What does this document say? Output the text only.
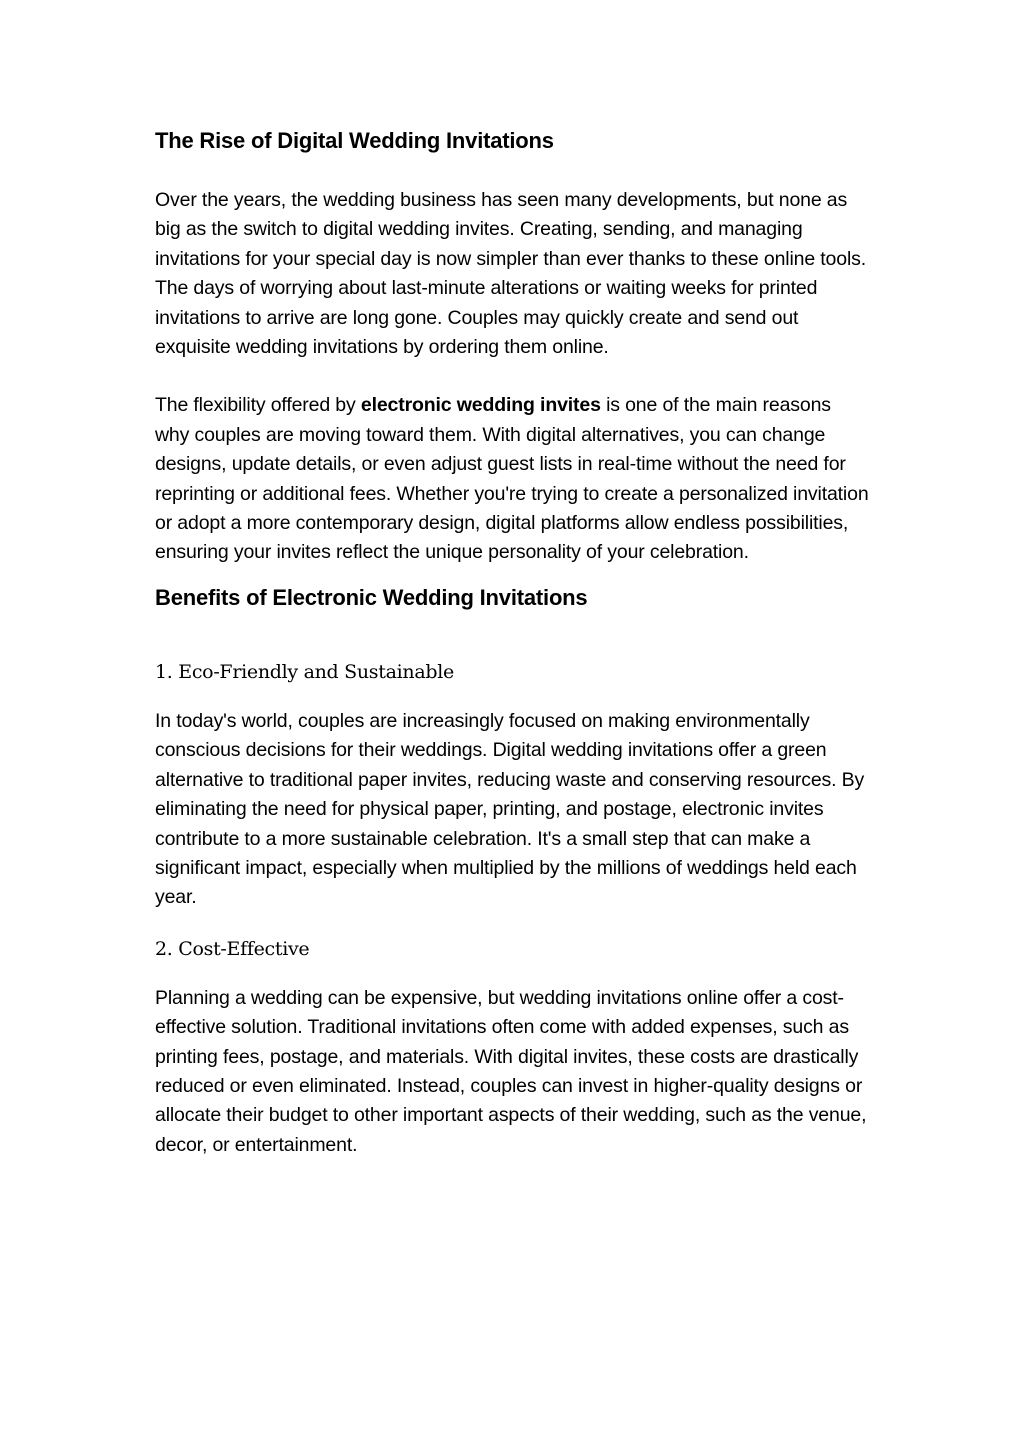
The Rise of Digital Wedding Invitations

Over the years, the wedding business has seen many developments, but none as big as the switch to digital wedding invites. Creating, sending, and managing invitations for your special day is now simpler than ever thanks to these online tools. The days of worrying about last-minute alterations or waiting weeks for printed invitations to arrive are long gone. Couples may quickly create and send out exquisite wedding invitations by ordering them online.

The flexibility offered by electronic wedding invites is one of the main reasons why couples are moving toward them. With digital alternatives, you can change designs, update details, or even adjust guest lists in real-time without the need for reprinting or additional fees. Whether you're trying to create a personalized invitation or adopt a more contemporary design, digital platforms allow endless possibilities, ensuring your invites reflect the unique personality of your celebration.

Benefits of Electronic Wedding Invitations

1. Eco-Friendly and Sustainable

In today's world, couples are increasingly focused on making environmentally conscious decisions for their weddings. Digital wedding invitations offer a green alternative to traditional paper invites, reducing waste and conserving resources. By eliminating the need for physical paper, printing, and postage, electronic invites contribute to a more sustainable celebration. It's a small step that can make a significant impact, especially when multiplied by the millions of weddings held each year.

2. Cost-Effective

Planning a wedding can be expensive, but wedding invitations online offer a cost-effective solution. Traditional invitations often come with added expenses, such as printing fees, postage, and materials. With digital invites, these costs are drastically reduced or even eliminated. Instead, couples can invest in higher-quality designs or allocate their budget to other important aspects of their wedding, such as the venue, decor, or entertainment.
